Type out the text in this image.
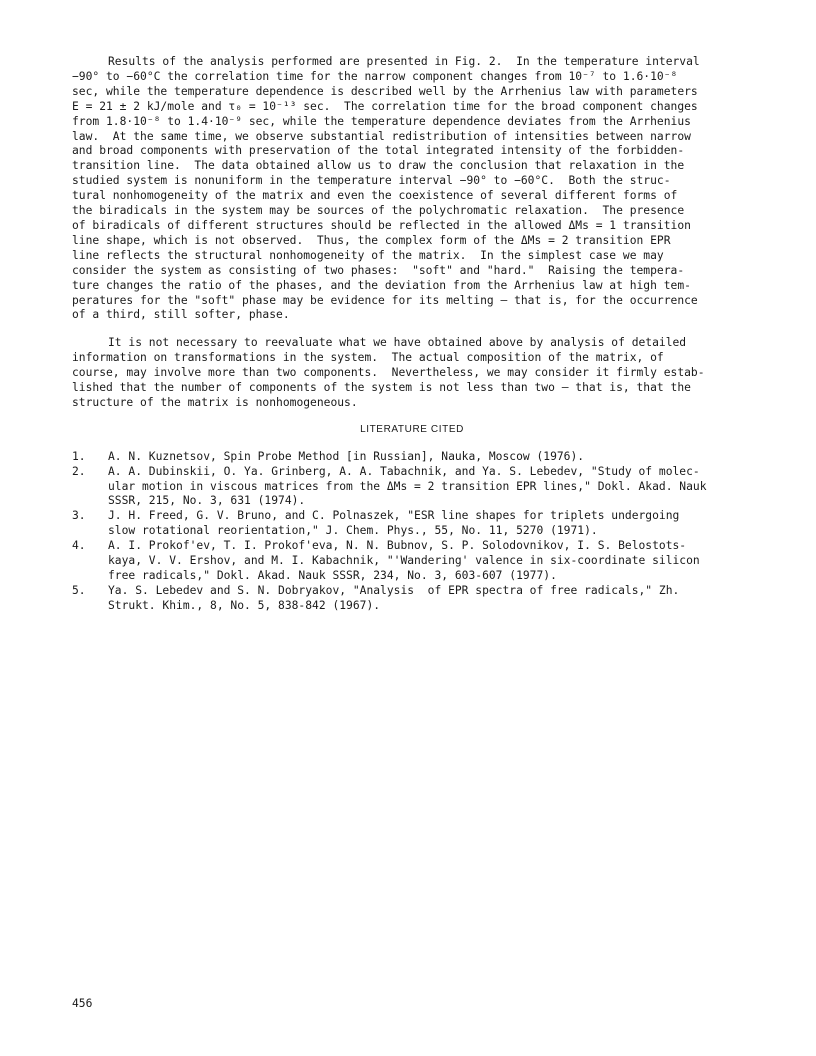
Results of the analysis performed are presented in Fig. 2.  In the temperature interval
−90° to −60°C the correlation time for the narrow component changes from 10⁻⁷ to 1.6·10⁻⁸
sec, while the temperature dependence is described well by the Arrhenius law with parameters
E = 21 ± 2 kJ/mole and τ₀ = 10⁻¹³ sec.  The correlation time for the broad component changes
from 1.8·10⁻⁸ to 1.4·10⁻⁹ sec, while the temperature dependence deviates from the Arrhenius
law.  At the same time, we observe substantial redistribution of intensities between narrow
and broad components with preservation of the total integrated intensity of the forbidden-
transition line.  The data obtained allow us to draw the conclusion that relaxation in the
studied system is nonuniform in the temperature interval −90° to −60°C.  Both the struc-
tural nonhomogeneity of the matrix and even the coexistence of several different forms of
the biradicals in the system may be sources of the polychromatic relaxation.  The presence
of biradicals of different structures should be reflected in the allowed ΔMs = 1 transition
line shape, which is not observed.  Thus, the complex form of the ΔMs = 2 transition EPR
line reflects the structural nonhomogeneity of the matrix.  In the simplest case we may
consider the system as consisting of two phases:  "soft" and "hard."  Raising the tempera-
ture changes the ratio of the phases, and the deviation from the Arrhenius law at high tem-
peratures for the "soft" phase may be evidence for its melting — that is, for the occurrence
of a third, still softer, phase.
It is not necessary to reevaluate what we have obtained above by analysis of detailed
information on transformations in the system.  The actual composition of the matrix, of
course, may involve more than two components.  Nevertheless, we may consider it firmly estab-
lished that the number of components of the system is not less than two — that is, that the
structure of the matrix is nonhomogeneous.
LITERATURE CITED
1. A. N. Kuznetsov, Spin Probe Method [in Russian], Nauka, Moscow (1976).
2. A. A. Dubinskii, O. Ya. Grinberg, A. A. Tabachnik, and Ya. S. Lebedev, "Study of molec-
ular motion in viscous matrices from the ΔMs = 2 transition EPR lines," Dokl. Akad. Nauk
SSSR, 215, No. 3, 631 (1974).
3. J. H. Freed, G. V. Bruno, and C. Polnaszek, "ESR line shapes for triplets undergoing
slow rotational reorientation," J. Chem. Phys., 55, No. 11, 5270 (1971).
4. A. I. Prokof'ev, T. I. Prokof'eva, N. N. Bubnov, S. P. Solodovnikov, I. S. Belostots-
kaya, V. V. Ershov, and M. I. Kabachnik, "'Wandering' valence in six-coordinate silicon
free radicals," Dokl. Akad. Nauk SSSR, 234, No. 3, 603-607 (1977).
5. Ya. S. Lebedev and S. N. Dobryakov, "Analysis  of EPR spectra of free radicals," Zh.
Strukt. Khim., 8, No. 5, 838-842 (1967).
456
